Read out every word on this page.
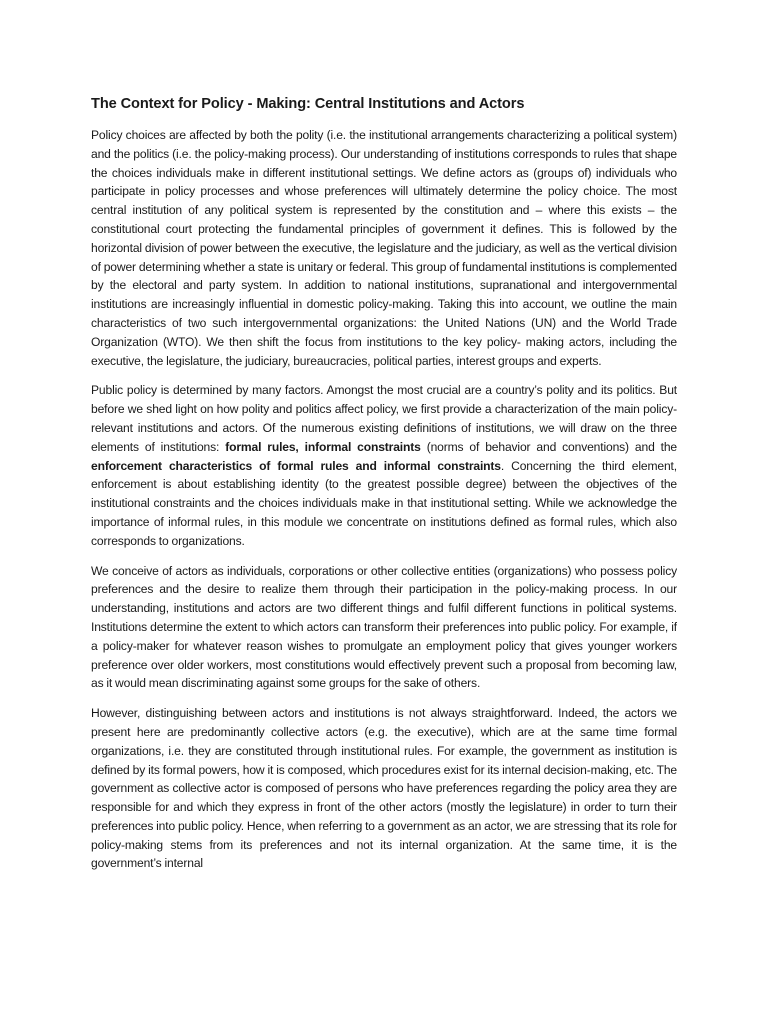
The Context for Policy - Making: Central Institutions and Actors

Policy choices are affected by both the polity (i.e. the institutional arrangements characterizing a political system) and the politics (i.e. the policy-making process). Our understanding of institutions corresponds to rules that shape the choices individuals make in different institutional settings. We define actors as (groups of) individuals who participate in policy processes and whose preferences will ultimately determine the policy choice. The most central institution of any political system is represented by the constitution and – where this exists – the constitutional court protecting the fundamental principles of government it defines. This is followed by the horizontal division of power between the executive, the legislature and the judiciary, as well as the vertical division of power determining whether a state is unitary or federal. This group of fundamental institutions is complemented by the electoral and party system. In addition to national institutions, supranational and intergovernmental institutions are increasingly influential in domestic policy-making. Taking this into account, we outline the main characteristics of two such intergovernmental organizations: the United Nations (UN) and the World Trade Organization (WTO). We then shift the focus from institutions to the key policy- making actors, including the executive, the legislature, the judiciary, bureaucracies, political parties, interest groups and experts.

Public policy is determined by many factors. Amongst the most crucial are a country’s polity and its politics. But before we shed light on how polity and politics affect policy, we first provide a characterization of the main policy-relevant institutions and actors. Of the numerous existing definitions of institutions, we will draw on the three elements of institutions: formal rules, informal constraints (norms of behavior and conventions) and the enforcement characteristics of formal rules and informal constraints. Concerning the third element, enforcement is about establishing identity (to the greatest possible degree) between the objectives of the institutional constraints and the choices individuals make in that institutional setting. While we acknowledge the importance of informal rules, in this module we concentrate on institutions defined as formal rules, which also corresponds to organizations.

We conceive of actors as individuals, corporations or other collective entities (organizations) who possess policy preferences and the desire to realize them through their participation in the policy-making process. In our understanding, institutions and actors are two different things and fulfil different functions in political systems. Institutions determine the extent to which actors can transform their preferences into public policy. For example, if a policy-maker for whatever reason wishes to promulgate an employment policy that gives younger workers preference over older workers, most constitutions would effectively prevent such a proposal from becoming law, as it would mean discriminating against some groups for the sake of others.

However, distinguishing between actors and institutions is not always straightforward. Indeed, the actors we present here are predominantly collective actors (e.g. the executive), which are at the same time formal organizations, i.e. they are constituted through institutional rules. For example, the government as institution is defined by its formal powers, how it is composed, which procedures exist for its internal decision-making, etc. The government as collective actor is composed of persons who have preferences regarding the policy area they are responsible for and which they express in front of the other actors (mostly the legislature) in order to turn their preferences into public policy. Hence, when referring to a government as an actor, we are stressing that its role for policy-making stems from its preferences and not its internal organization. At the same time, it is the government’s internal
